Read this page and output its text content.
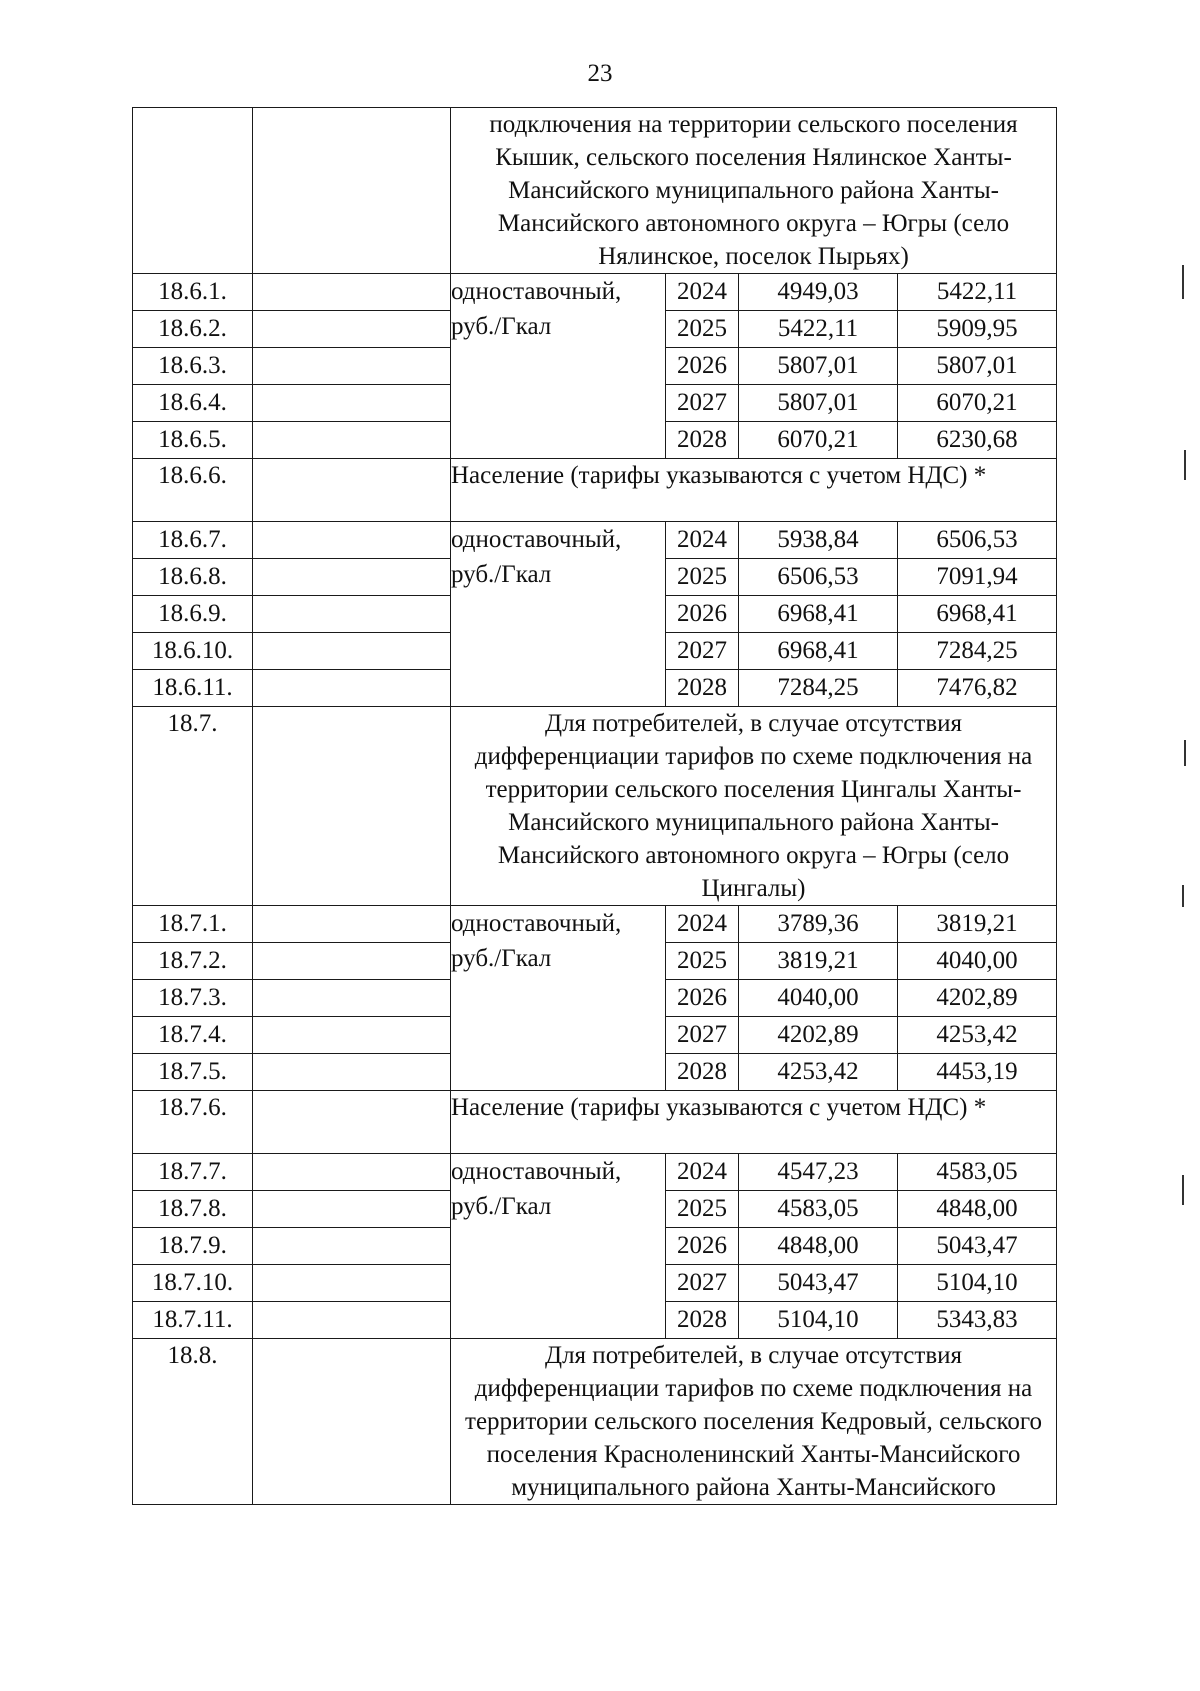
23
		подключения на территории сельского поселения Кышик, сельского поселения Нялинское Ханты-Мансийского муниципального района Ханты-Мансийского автономного округа – Югры (село Нялинское, поселок Пырьях)			
18.6.1.		одноставочный, руб./Гкал	2024	4949,03	5422,11
18.6.2.			2025	5422,11	5909,95
18.6.3.			2026	5807,01	5807,01
18.6.4.			2027	5807,01	6070,21
18.6.5.			2028	6070,21	6230,68
18.6.6.		Население (тарифы указываются с учетом НДС) *			
18.6.7.		одноставочный, руб./Гкал	2024	5938,84	6506,53
18.6.8.			2025	6506,53	7091,94
18.6.9.			2026	6968,41	6968,41
18.6.10.			2027	6968,41	7284,25
18.6.11.			2028	7284,25	7476,82
18.7.		Для потребителей, в случае отсутствия дифференциации тарифов по схеме подключения на территории сельского поселения Цингалы Ханты-Мансийского муниципального района Ханты-Мансийского автономного округа – Югры (село Цингалы)			
18.7.1.		одноставочный, руб./Гкал	2024	3789,36	3819,21
18.7.2.			2025	3819,21	4040,00
18.7.3.			2026	4040,00	4202,89
18.7.4.			2027	4202,89	4253,42
18.7.5.			2028	4253,42	4453,19
18.7.6.		Население (тарифы указываются с учетом НДС) *			
18.7.7.		одноставочный, руб./Гкал	2024	4547,23	4583,05
18.7.8.			2025	4583,05	4848,00
18.7.9.			2026	4848,00	5043,47
18.7.10.			2027	5043,47	5104,10
18.7.11.			2028	5104,10	5343,83
18.8.		Для потребителей, в случае отсутствия дифференциации тарифов по схеме подключения на территории сельского поселения Кедровый, сельского поселения Красноленинский Ханты-Мансийского муниципального района Ханты-Мансийского			
